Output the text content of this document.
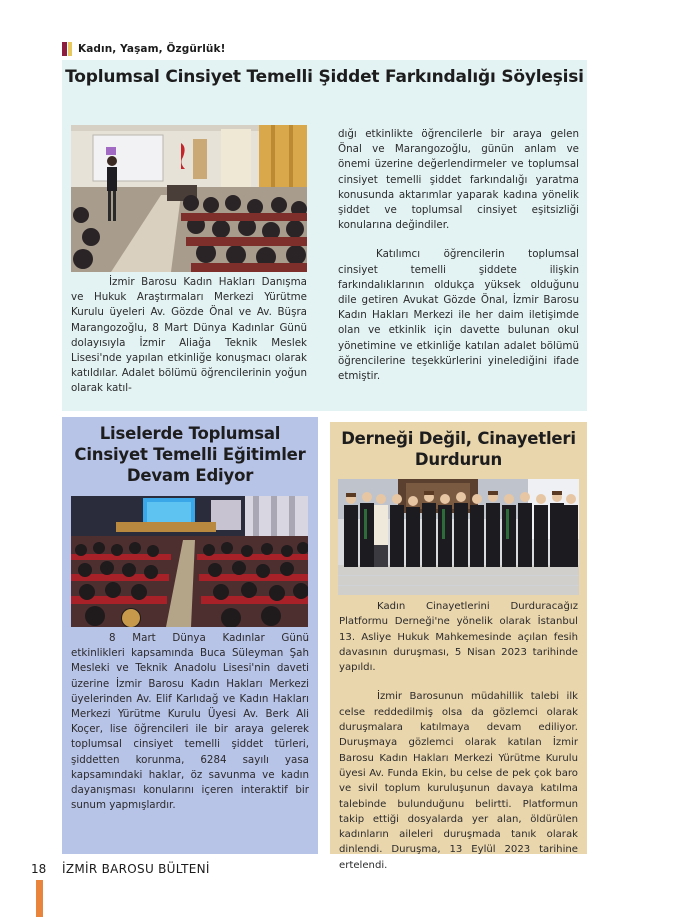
Kadın, Yaşam, Özgürlük!
Toplumsal Cinsiyet Temelli Şiddet Farkındalığı Söyleşisi

İzmir Barosu Kadın Hakları Danışma ve Hukuk Araştırmaları Merkezi Yürütme Kurulu üyeleri Av. Gözde Önal ve Av. Büşra Marangozoğlu, 8 Mart Dünya Kadınlar Günü dolayısıyla İzmir Aliağa Teknik Meslek Lisesi'nde yapılan etkinliğe konuşmacı olarak katıldılar. Adalet bölümü öğrencilerinin yoğun olarak katıl-

dığı etkinlikte öğrencilerle bir araya gelen Önal ve Marangozoğlu, günün anlam ve önemi üzerine değerlendirmeler ve toplumsal cinsiyet temelli şiddet farkındalığı yaratma konusunda aktarımlar yaparak kadına yönelik şiddet ve toplumsal cinsiyet eşitsizliği konularına değindiler.

Katılımcı öğrencilerin toplumsal cinsiyet temelli şiddete ilişkin farkındalıklarının oldukça yüksek olduğunu dile getiren Avukat Gözde Önal, İzmir Barosu Kadın Hakları Merkezi ile her daim iletişimde olan ve etkinlik için davette bulunan okul yönetimine ve etkinliğe katılan adalet bölümü öğrencilerine teşekkürlerini yinelediğini ifade etmiştir.

Liselerde Toplumsal Cinsiyet Temelli Eğitimler Devam Ediyor

8 Mart Dünya Kadınlar Günü etkinlikleri kapsamında Buca Süleyman Şah Mesleki ve Teknik Anadolu Lisesi'nin daveti üzerine İzmir Barosu Kadın Hakları Merkezi üyelerinden Av. Elif Karlıdağ ve Kadın Hakları Merkezi Yürütme Kurulu Üyesi Av. Berk Ali Koçer, lise öğrencileri ile bir araya gelerek toplumsal cinsiyet temelli şiddet türleri, şiddetten korunma, 6284 sayılı yasa kapsamındaki haklar, öz savunma ve kadın dayanışması konularını içeren interaktif bir sunum yapmışlardır.

Derneği Değil, Cinayetleri Durdurun

Kadın Cinayetlerini Durduracağız Platformu Derneği'ne yönelik olarak İstanbul 13. Asliye Hukuk Mahkemesinde açılan fesih davasının duruşması, 5 Nisan 2023 tarihinde yapıldı.

İzmir Barosunun müdahillik talebi ilk celse reddedilmiş olsa da gözlemci olarak duruşmalara katılmaya devam ediliyor. Duruşmaya gözlemci olarak katılan İzmir Barosu Kadın Hakları Merkezi Yürütme Kurulu üyesi Av. Funda Ekin, bu celse de pek çok baro ve sivil toplum kuruluşunun davaya katılma talebinde bulunduğunu belirtti. Platformun takip ettiği dosyalarda yer alan, öldürülen kadınların aileleri duruşmada tanık olarak dinlendi. Duruşma, 13 Eylül 2023 tarihine ertelendi.

18 İZMİR BAROSU BÜLTENİ
